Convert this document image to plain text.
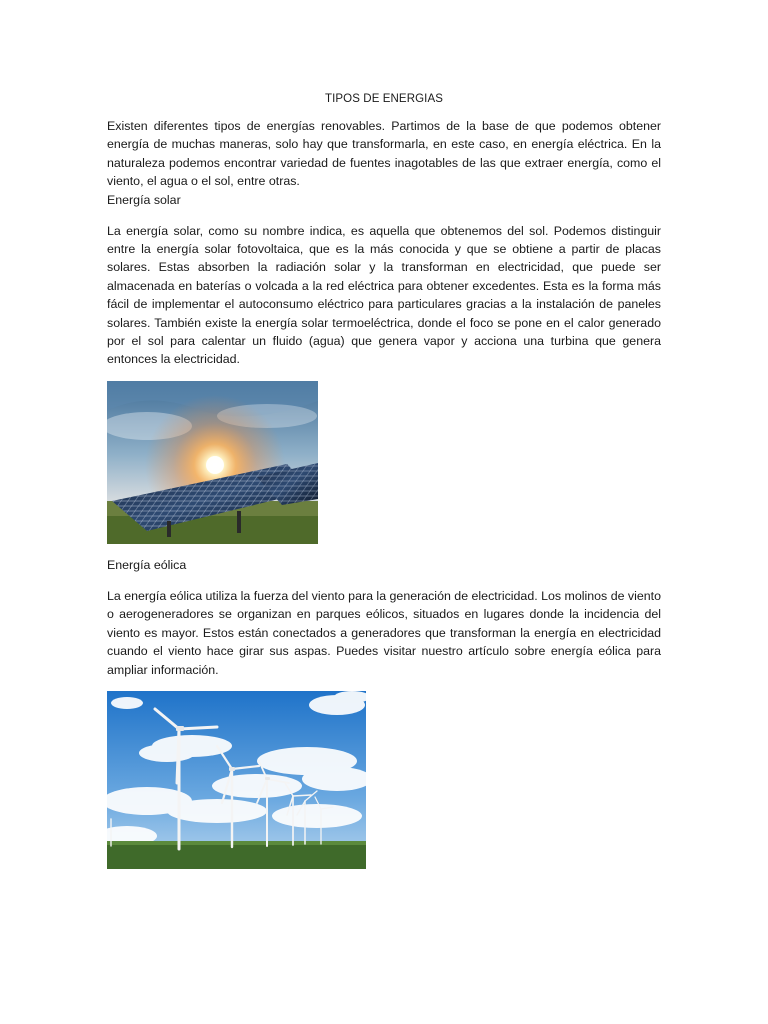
TIPOS DE ENERGIAS

Existen diferentes tipos de energías renovables. Partimos de la base de que podemos obtener energía de muchas maneras, solo hay que transformarla, en este caso, en energía eléctrica. En la naturaleza podemos encontrar variedad de fuentes inagotables de las que extraer energía, como el viento, el agua o el sol, entre otras.

Energía solar

La energía solar, como su nombre indica, es aquella que obtenemos del sol. Podemos distinguir entre la energía solar fotovoltaica, que es la más conocida y que se obtiene a partir de placas solares. Estas absorben la radiación solar y la transforman en electricidad, que puede ser almacenada en baterías o volcada a la red eléctrica para obtener excedentes. Esta es la forma más fácil de implementar el autoconsumo eléctrico para particulares gracias a la instalación de paneles solares. También existe la energía solar termoeléctrica, donde el foco se pone en el calor generado por el sol para calentar un fluido (agua) que genera vapor y acciona una turbina que genera entonces la electricidad.

Energía eólica

La energía eólica utiliza la fuerza del viento para la generación de electricidad. Los molinos de viento o aerogeneradores se organizan en parques eólicos, situados en lugares donde la incidencia del viento es mayor. Estos están conectados a generadores que transforman la energía en electricidad cuando el viento hace girar sus aspas. Puedes visitar nuestro artículo sobre energía eólica para ampliar información.
